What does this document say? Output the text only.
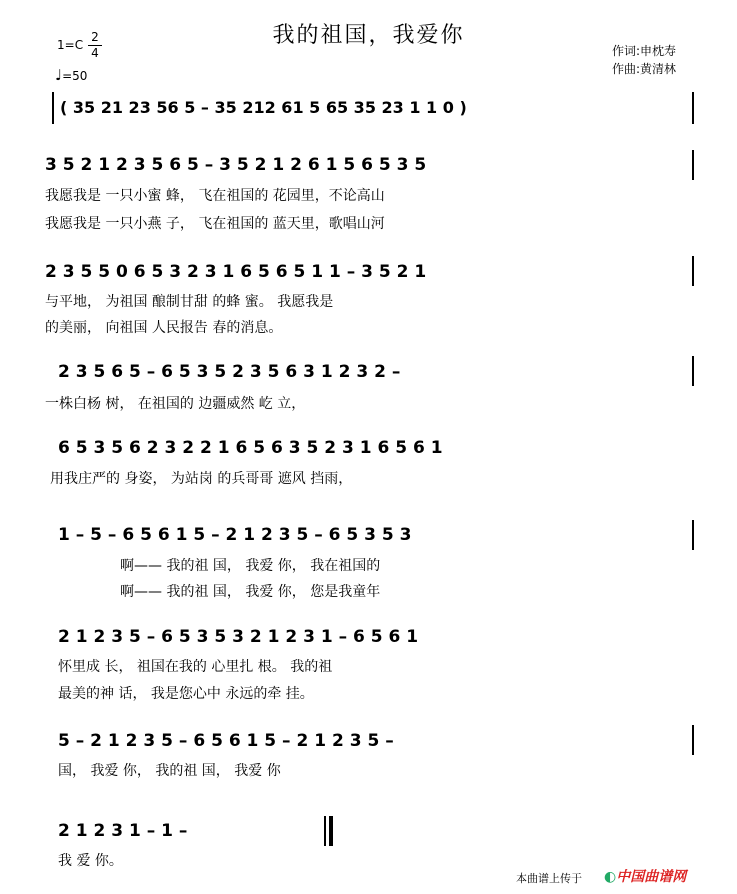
我的祖国，我爱你
1=C
2
4
♩=50
作词:申枕寿
作曲:黄清林
( 35 21 23 56 5 – 35 212 61 5 65 35 23 1 1 0 )
3 5 2 1 2 3 5 6 5 – 3 5 2 1 2 6 1 5 6 5 3 5
我愿我是 一只小蜜 蜂， 飞在祖国的 花园里，不论高山
我愿我是 一只小燕 子， 飞在祖国的 蓝天里，歌唱山河
2 3 5 5 0 6 5 3 2 3 1 6 5 6 5 1 1 – 3 5 2 1
与平地， 为祖国 酿制甘甜 的蜂 蜜。 我愿我是
的美丽， 向祖国 人民报告 春的消息。
2 3 5 6 5 – 6 5 3 5 2 3 5 6 3 1 2 3 2 –
一株白杨 树， 在祖国的 边疆威然 屹 立，
6 5 3 5 6 2 3 2 2 1 6 5 6 3 5 2 3 1 6 5 6 1
用我庄严的 身姿， 为站岗 的兵哥哥 遮风 挡雨，
1 – 5 – 6 5 6 1 5 – 2 1 2 3 5 – 6 5 3 5 3
啊—— 我的祖 国， 我爱 你， 我在祖国的
啊—— 我的祖 国， 我爱 你， 您是我童年
2 1 2 3 5 – 6 5 3 5 3 2 1 2 3 1 – 6 5 6 1
怀里成 长， 祖国在我的 心里扎 根。 我的祖
最美的神 话， 我是您心中 永远的牵 挂。
5 – 2 1 2 3 5 – 6 5 6 1 5 – 2 1 2 3 5 –
国， 我爱 你， 我的祖 国， 我爱 你
2 1 2 3 1 – 1 –
我 爱 你。
本曲谱上传于 ◐中国曲谱网
